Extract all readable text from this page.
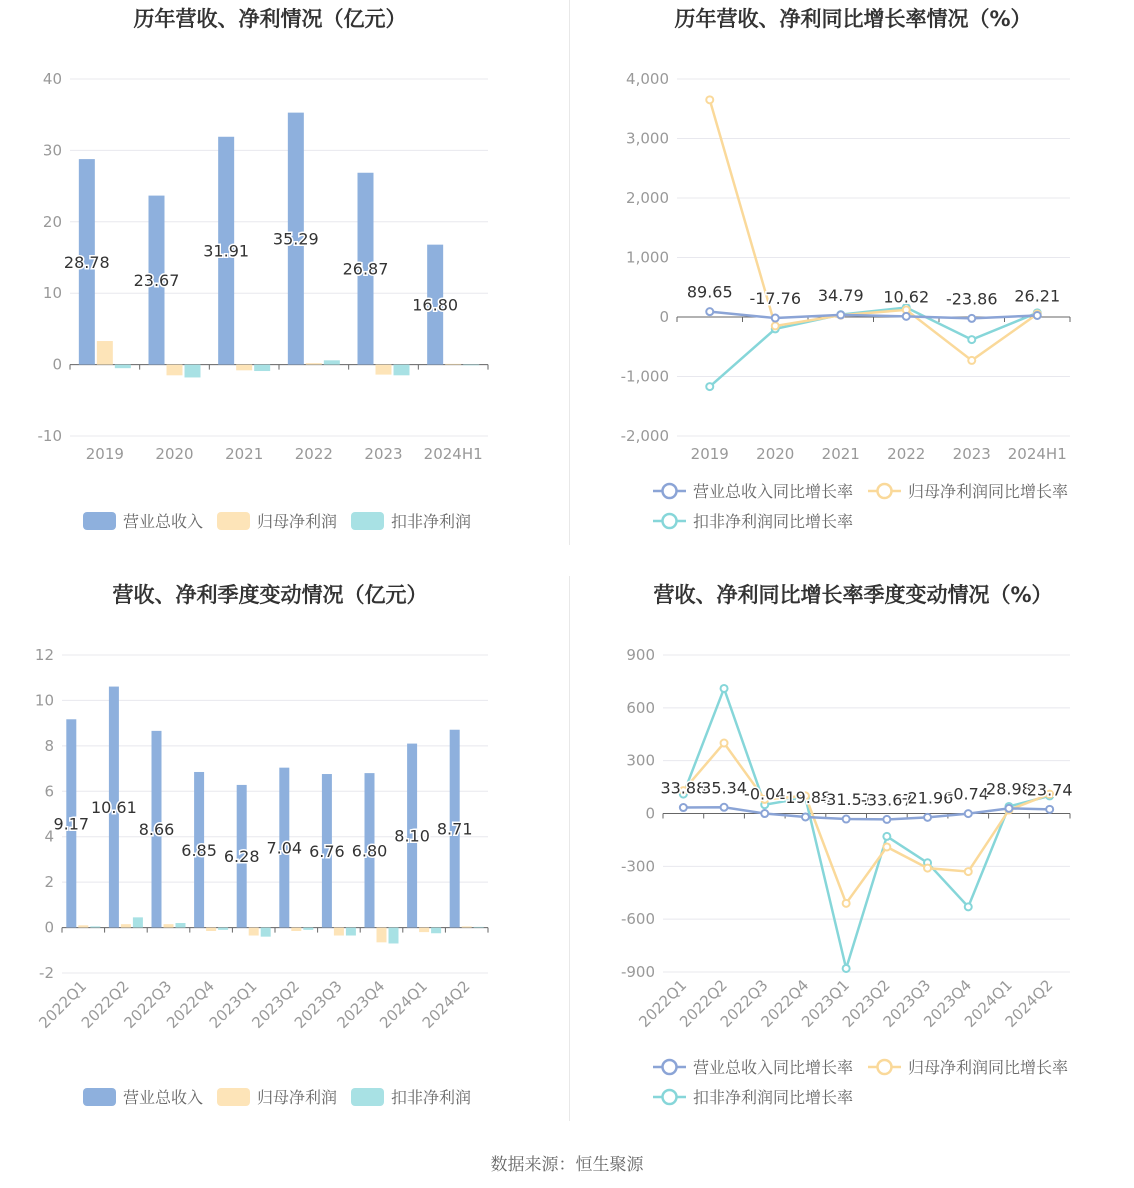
历年营收、净利情况（亿元）
-10
0
10
20
30
40
2019 2020 2021 2022 2023 2024H1
28.78
23.67
31.91
35.29
26.87
16.80
营业总收入	归母净利润	扣非净利润
历年营收、净利同比增长率情况（%）
-2,000
-1,000
0
1,000
2,000
3,000
4,000
2019 2020 2021 2022 2023 2024H1
89.65 -17.76 34.79 10.62 -23.86 26.21
营业总收入同比增长率	归母净利润同比增长率
扣非净利润同比增长率
营收、净利季度变动情况（亿元）
-2
0
2
4
6
8
10
12
2022Q1
2022Q2
2022Q3
2022Q4
2023Q1
2023Q2
2023Q3
2023Q4
2024Q1
2024Q2
9.17
10.61
8.66
6.85 6.28 7.04 6.76 6.80
8.10 8.71
营业总收入	归母净利润	扣非净利润
营收、净利同比增长率季度变动情况（%）
-900
-600
-300
0
300
600
900
2022Q1
2022Q2
2022Q3
2022Q4
2023Q1
2023Q2
2023Q3
2023Q4
2024Q1
2024Q2
33.88
35.34
-0.04
-19.88
-31.57
-33.67
-21.96
-0.74
28.98
23.74
营业总收入同比增长率	归母净利润同比增长率
扣非净利润同比增长率
数据来源：恒生聚源
